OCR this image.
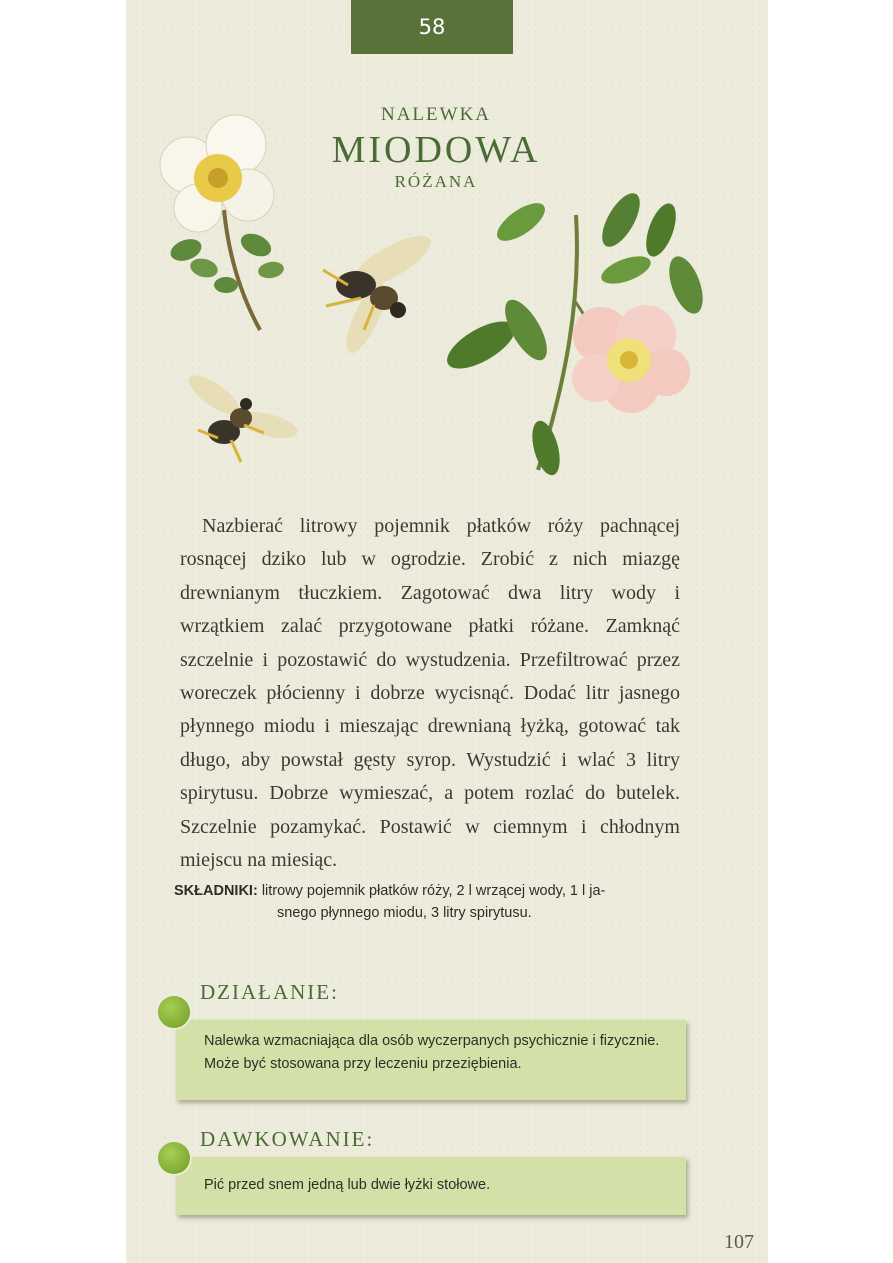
58
NALEWKA
MIODOWA
RÓŻANA
Nazbierać litrowy pojemnik płatków róży pachnącej rosnącej dziko lub w ogrodzie. Zrobić z nich miazgę drewnianym tłuczkiem. Zagotować dwa litry wody i wrzątkiem zalać przygotowane płatki różane. Zamknąć szczelnie i pozostawić do wystudzenia. Przefiltrować przez woreczek płócienny i dobrze wycisnąć. Dodać litr jasnego płynnego miodu i mieszając drewnianą łyżką, gotować tak długo, aby powstał gęsty syrop. Wystudzić i wlać 3 litry spirytusu. Dobrze wymieszać, a potem rozlać do butelek. Szczelnie pozamykać. Postawić w ciemnym i chłodnym miejscu na miesiąc.
SKŁADNIKI: litrowy pojemnik płatków róży, 2 l wrzącej wody, 1 l ja-
snego płynnego miodu, 3 litry spirytusu.
DZIAŁANIE:
Nalewka wzmacniająca dla osób wyczerpanych psychicznie i fizycznie. Może być stosowana przy leczeniu przeziębienia.
DAWKOWANIE:
Pić przed snem jedną lub dwie łyżki stołowe.
107
